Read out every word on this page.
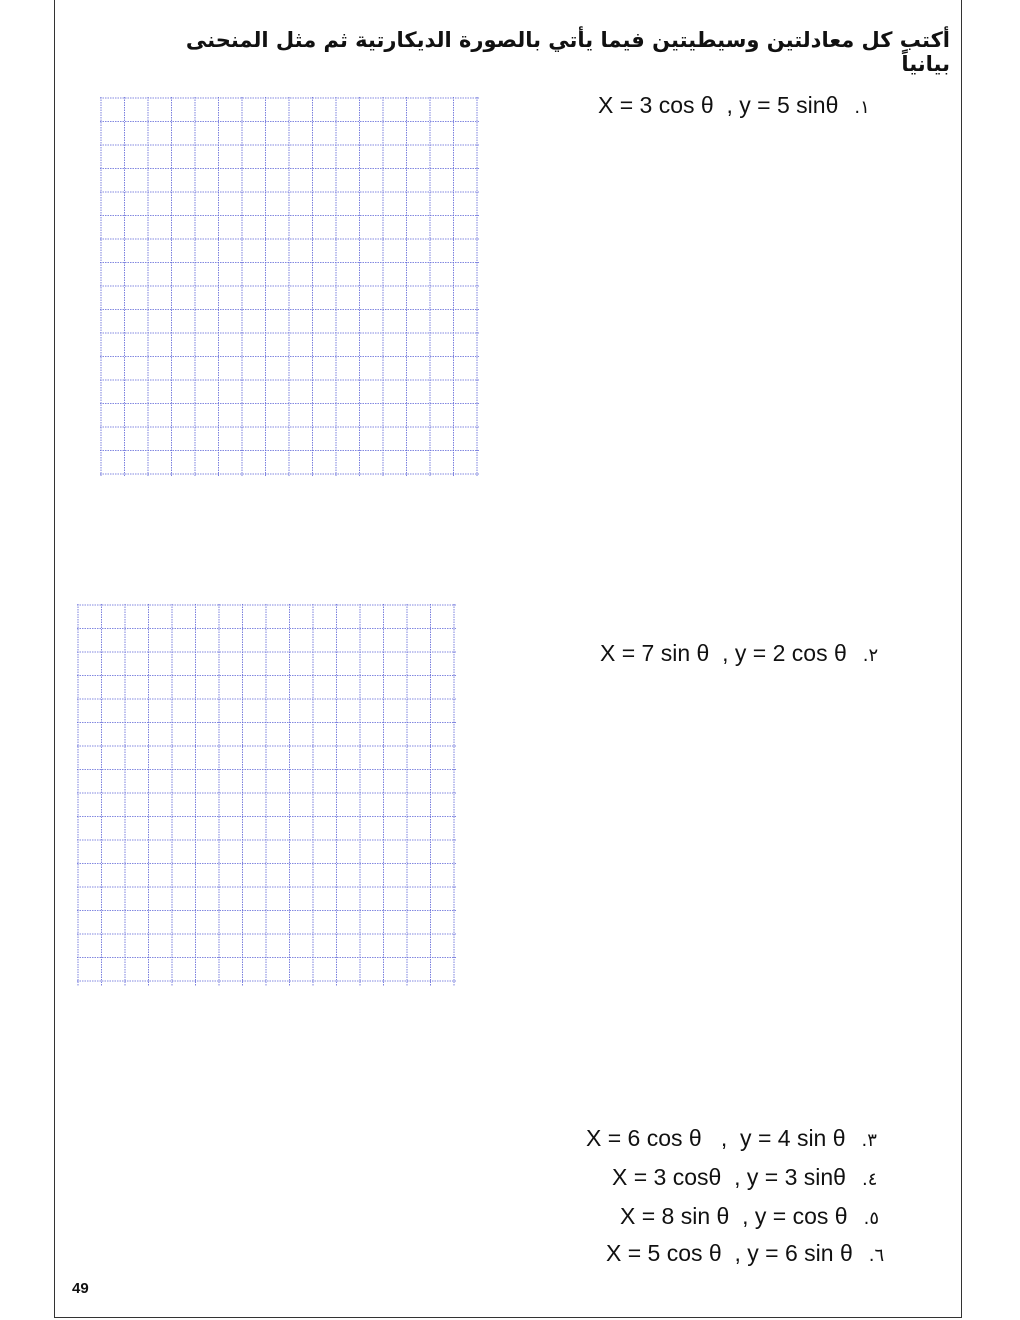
أكتب كل معادلتين وسيطيتين فيما يأتي بالصورة الديكارتية ثم مثل المنحنى بيانياً
X = 3 cos θ  , y = 5 sinθ .١
X = 7 sin θ  , y = 2 cos θ .٢
X = 6 cos θ   ,  y = 4 sin θ .٣
X = 3 cosθ  , y = 3 sinθ .٤
X = 8 sin θ  , y = cos θ .٥
X = 5 cos θ  , y = 6 sin θ .٦
49
